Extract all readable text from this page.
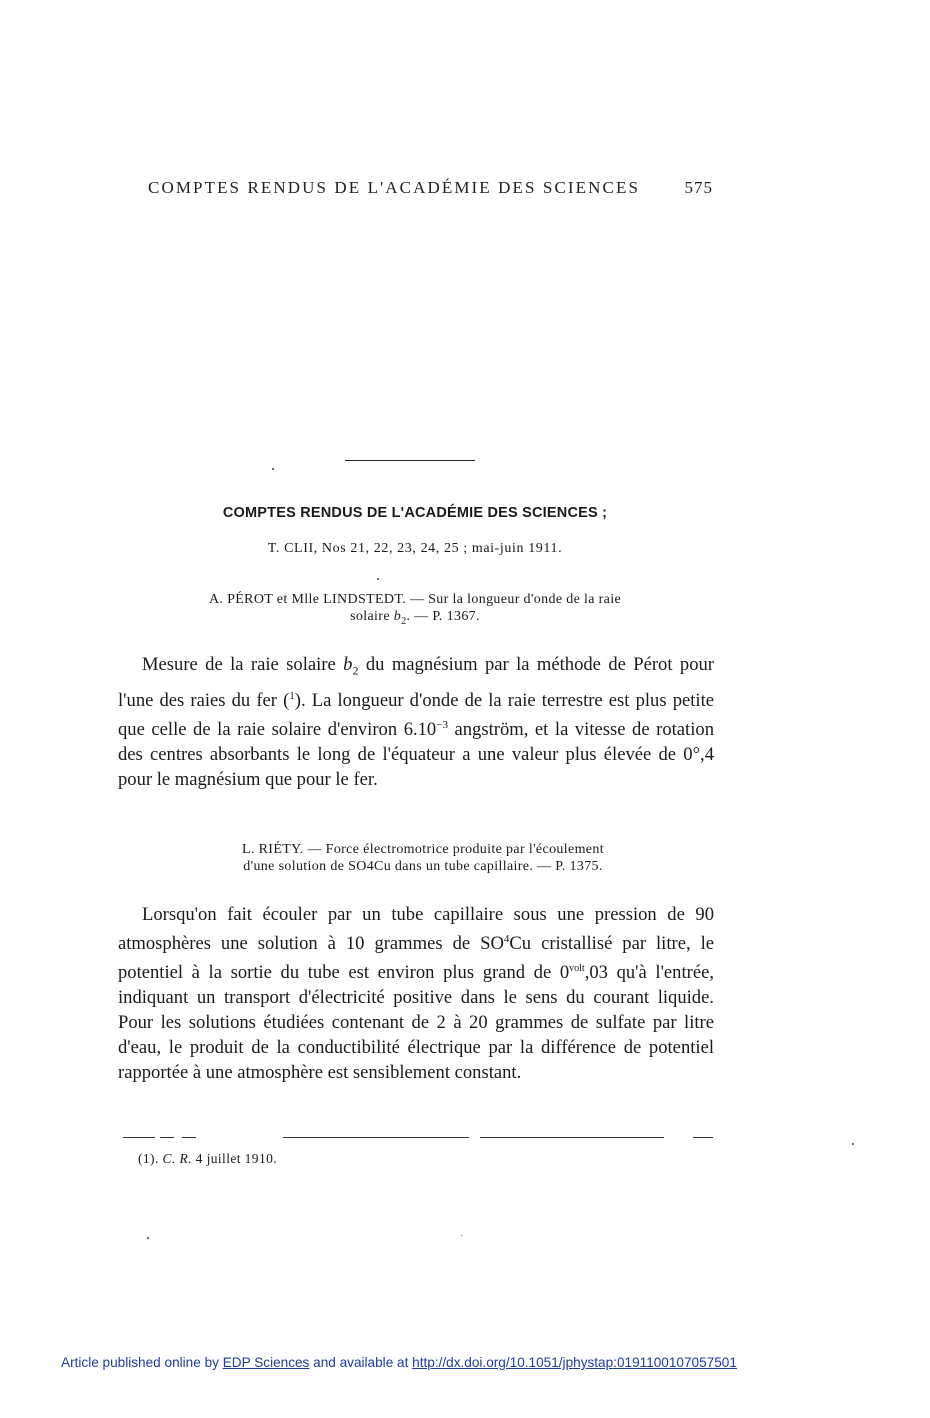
COMPTES RENDUS DE L'ACADÉMIE DES SCIENCES	575
COMPTES RENDUS DE L'ACADÉMIE DES SCIENCES ;
T. CLII, Nos 21, 22, 23, 24, 25 ; mai-juin 1911.
A. PÉROT et Mlle LINDSTEDT. — Sur la longueur d'onde de la raie
solaire $b_2$. — P. 1367.

Mesure de la raie solaire $b_2$ du magnésium par la méthode de Pérot pour l'une des raies du fer ($^1$). La longueur d'onde de la raie terrestre est plus petite que celle de la raie solaire d'environ $6.10^{-3}$ angström, et la vitesse de rotation des centres absorbants le long de l'équateur a une valeur plus élevée de 0°,4 pour le magnésium que pour le fer.

L. RIÉTY. — Force électromotrice produite par l'écoulement
d'une solution de SO4Cu dans un tube capillaire. — P. 1375.

Lorsqu'on fait écouler par un tube capillaire sous une pression de 90 atmosphères une solution à 10 grammes de $SO^4Cu$ cristallisé par litre, le potentiel à la sortie du tube est environ plus grand de $0^{volt},03$ qu'à l'entrée, indiquant un transport d'électricité positive dans le sens du courant liquide. Pour les solutions étudiées contenant de 2 à 20 grammes de sulfate par litre d'eau, le produit de la conductibilité électrique par la différence de potentiel rapportée à une atmosphère est sensiblement constant.

(1). C. R. 4 juillet 1910.
Article published online by EDP Sciences and available at http://dx.doi.org/10.1051/jphystap:0191100107057501
